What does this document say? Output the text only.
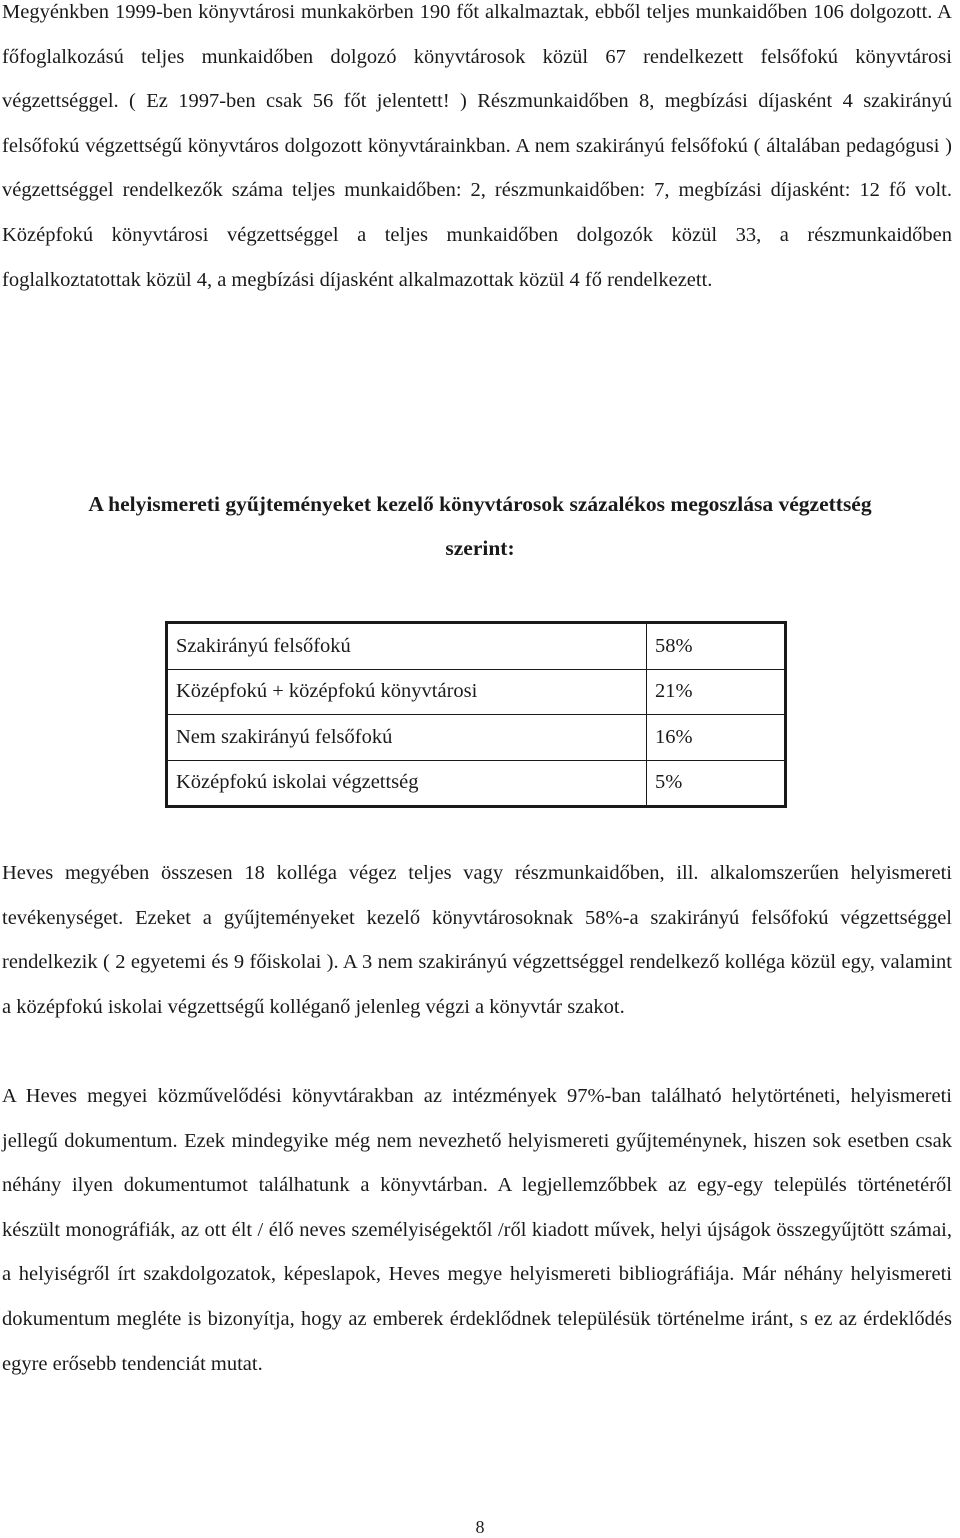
Megyénkben 1999-ben könyvtárosi munkakörben 190 főt alkalmaztak, ebből teljes munkaidőben 106 dolgozott. A főfoglalkozású teljes munkaidőben dolgozó könyvtárosok közül 67 rendelkezett felsőfokú könyvtárosi végzettséggel. ( Ez 1997-ben csak 56 főt jelentett! ) Részmunkaidőben 8, megbízási díjasként 4 szakirányú felsőfokú végzettségű könyvtáros dolgozott könyvtárainkban. A nem szakirányú felsőfokú ( általában pedagógusi ) végzettséggel rendelkezők száma teljes munkaidőben: 2, részmunkaidőben: 7, megbízási díjasként: 12 fő volt. Középfokú könyvtárosi végzettséggel a teljes munkaidőben dolgozók közül 33, a részmunkaidőben foglalkoztatottak közül 4, a megbízási díjasként alkalmazottak közül 4 fő rendelkezett.

A helyismereti gyűjteményeket kezelő könyvtárosok százalékos megoszlása végzettség
szerint:
Szakirányú felsőfokú	58%
Középfokú + középfokú könyvtárosi	21%
Nem szakirányú felsőfokú	16%
Középfokú iskolai végzettség	5%

Heves megyében összesen 18 kolléga végez teljes vagy részmunkaidőben, ill. alkalomszerűen helyismereti tevékenységet. Ezeket a gyűjteményeket kezelő könyvtárosoknak 58%-a szakirányú felsőfokú végzettséggel rendelkezik ( 2 egyetemi és 9 főiskolai ). A 3 nem szakirányú végzettséggel rendelkező kolléga közül egy, valamint a középfokú iskolai végzettségű kolléganő jelenleg végzi a könyvtár szakot.

A Heves megyei közművelődési könyvtárakban az intézmények 97%-ban található helytörténeti, helyismereti jellegű dokumentum. Ezek mindegyike még nem nevezhető helyismereti gyűjteménynek, hiszen sok esetben csak néhány ilyen dokumentumot találhatunk a könyvtárban. A legjellemzőbbek az egy-egy település történetéről készült monográfiák, az ott élt / élő neves személyiségektől /ről kiadott művek, helyi újságok összegyűjtött számai, a helyiségről írt szakdolgozatok, képeslapok, Heves megye helyismereti bibliográfiája. Már néhány helyismereti dokumentum megléte is bizonyítja, hogy az emberek érdeklődnek településük történelme iránt, s ez az érdeklődés egyre erősebb tendenciát mutat.

8
